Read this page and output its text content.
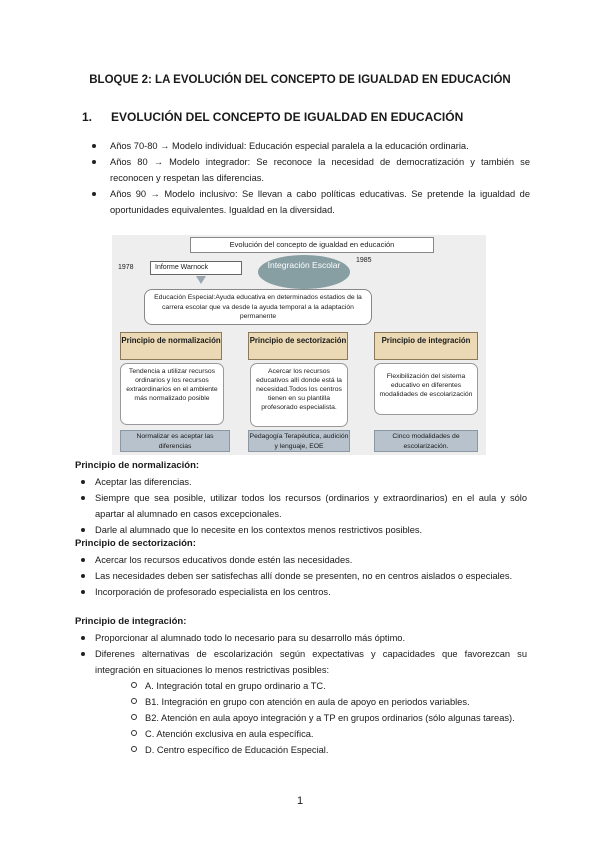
BLOQUE 2: LA EVOLUCIÓN DEL CONCEPTO DE IGUALDAD EN EDUCACIÓN
1. EVOLUCIÓN DEL CONCEPTO DE IGUALDAD EN EDUCACIÓN
Años 70-80 → Modelo individual: Educación especial paralela a la educación ordinaria.
Años 80 → Modelo integrador: Se reconoce la necesidad de democratización y también se reconocen y respetan las diferencias.
Años 90 → Modelo inclusivo: Se llevan a cabo políticas educativas. Se pretende la igualdad de oportunidades equivalentes. Igualdad en la diversidad.
Evolución del concepto de igualdad en educación
1978
1985
Informe Warnock	Integración Escolar
Educación Especial:Ayuda educativa en determinados estadios de la carrera escolar que va desde la ayuda temporal a la adaptación permanente
Principio de normalización	Principio de sectorización	Principio de integración
Tendencia a utilizar recursos ordinarios y los recursos extraordinarios en el ambiente más normalizado posible
Acercar los recursos educativos allí donde está la necesidad.Todos los centros tienen en su plantilla profesorado especialista.
Flexibilización del sistema educativo en diferentes modalidades de escolarización
Normalizar es aceptar las diferencias
Pedagogía Terapéutica, audición y lenguaje, EOE
Cinco modalidades de escolarización.
Principio de normalización:
Aceptar las diferencias.
Siempre que sea posible, utilizar todos los recursos (ordinarios y extraordinarios) en el aula y sólo apartar al alumnado en casos excepcionales.
Darle al alumnado que lo necesite en los contextos menos restrictivos posibles.
Principio de sectorización:
Acercar los recursos educativos donde estén las necesidades.
Las necesidades deben ser satisfechas allí donde se presenten, no en centros aislados o especiales.
Incorporación de profesorado especialista en los centros.
Principio de integración:
Proporcionar al alumnado todo lo necesario para su desarrollo más óptimo.
Diferenes alternativas de escolarización según expectativas y capacidades que favorezcan su integración en situaciones lo menos restrictivas posibles:
A. Integración total en grupo ordinario a TC.
B1. Integración en grupo con atención en aula de apoyo en periodos variables.
B2. Atención en aula apoyo integración y a TP en grupos ordinarios (sólo algunas tareas).
C. Atención exclusiva en aula específica.
D. Centro específico de Educación Especial.
1
